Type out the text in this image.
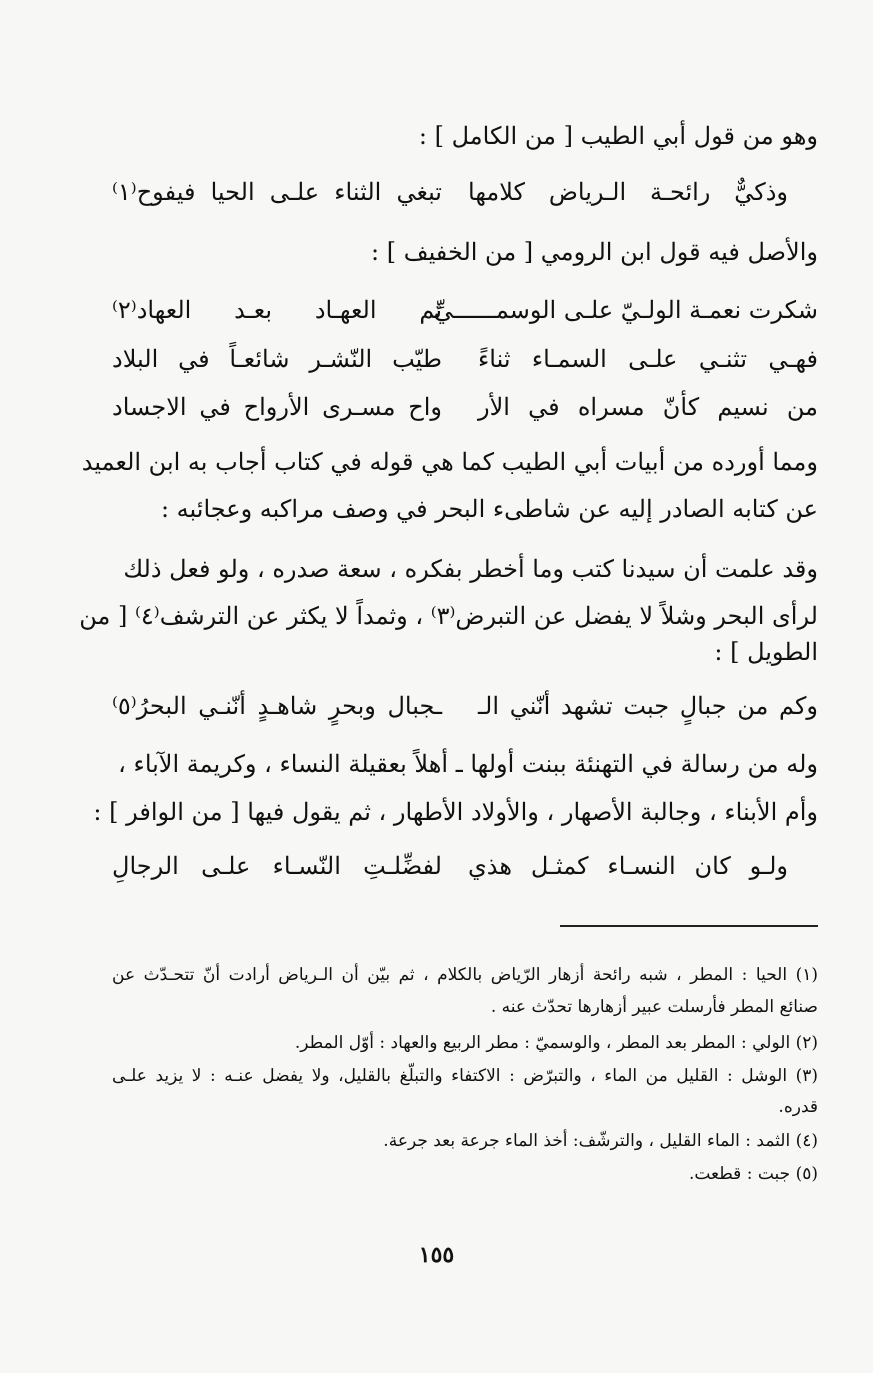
وهو من قول أبي الطيب [ من الكامل ] :
وذكيٌّ رائحـة الـرياض كلامها
تبغي الثناء علـى الحيا فيفوح⁽١⁾
والأصل فيه قول ابن الرومي [ من الخفيف ] :
شكرت نعمـة الولـيّ علـى الوسمــــــيِّ
ثم العهـاد بعـد العهاد⁽٢⁾
فهـي تثنـي علـى السمـاء ثناءً
طيّب النّشـر شائعـاً في البلاد
من نسيم كأنّ مسراه في الأر
واح مسـرى الأرواح في الاجساد
ومما أورده من أبيات أبي الطيب كما هي قوله في كتاب أجاب به ابن العميد
عن كتابه الصادر إليه عن شاطىء البحر في وصف مراكبه وعجائبه :
وقد علمت أن سيدنا كتب وما أخطر بفكره ، سعة صدره ، ولو فعل ذلك
لرأى البحر وشلاً لا يفضل عن التبرض⁽٣⁾ ، وثمداً لا يكثر عن الترشف⁽٤⁾ [ من
الطويل ] :
وكم من جبالٍ جبت تشهد أنّني الـ
ـجبال وبحرٍ شاهـدٍ أنّنـي البحرُ⁽٥⁾
وله من رسالة في التهنئة ببنت أولها ـ أهلاً بعقيلة النساء ، وكريمة الآباء ،
وأم الأبناء ، وجالبة الأصهار ، والأولاد الأطهار ، ثم يقول فيها [ من الوافر ] :
ولـو كان النسـاء كمثـل هذي
لفضِّلـتِ النّسـاء علـى الرجالِ
(١) الحيا : المطر ، شبه رائحة أزهار الرّياض بالكلام ، ثم بيّن أن الـرياض أرادت أنّ تتحـدّث عن
صنائع المطر فأرسلت عبير أزهارها تحدّث عنه .
(٢) الولي : المطر بعد المطر ، والوسميّ : مطر الربيع والعهاد : أوّل المطر.
(٣) الوشل : القليل من الماء ، والتبرّض : الاكتفاء والتبلّغ بالقليل، ولا يفضل عنـه : لا يزيد علـى
قدره.
(٤) الثمد : الماء القليل ، والترشّف: أخذ الماء جرعة بعد جرعة.
(٥) جبت : قطعت.
١٥٥
